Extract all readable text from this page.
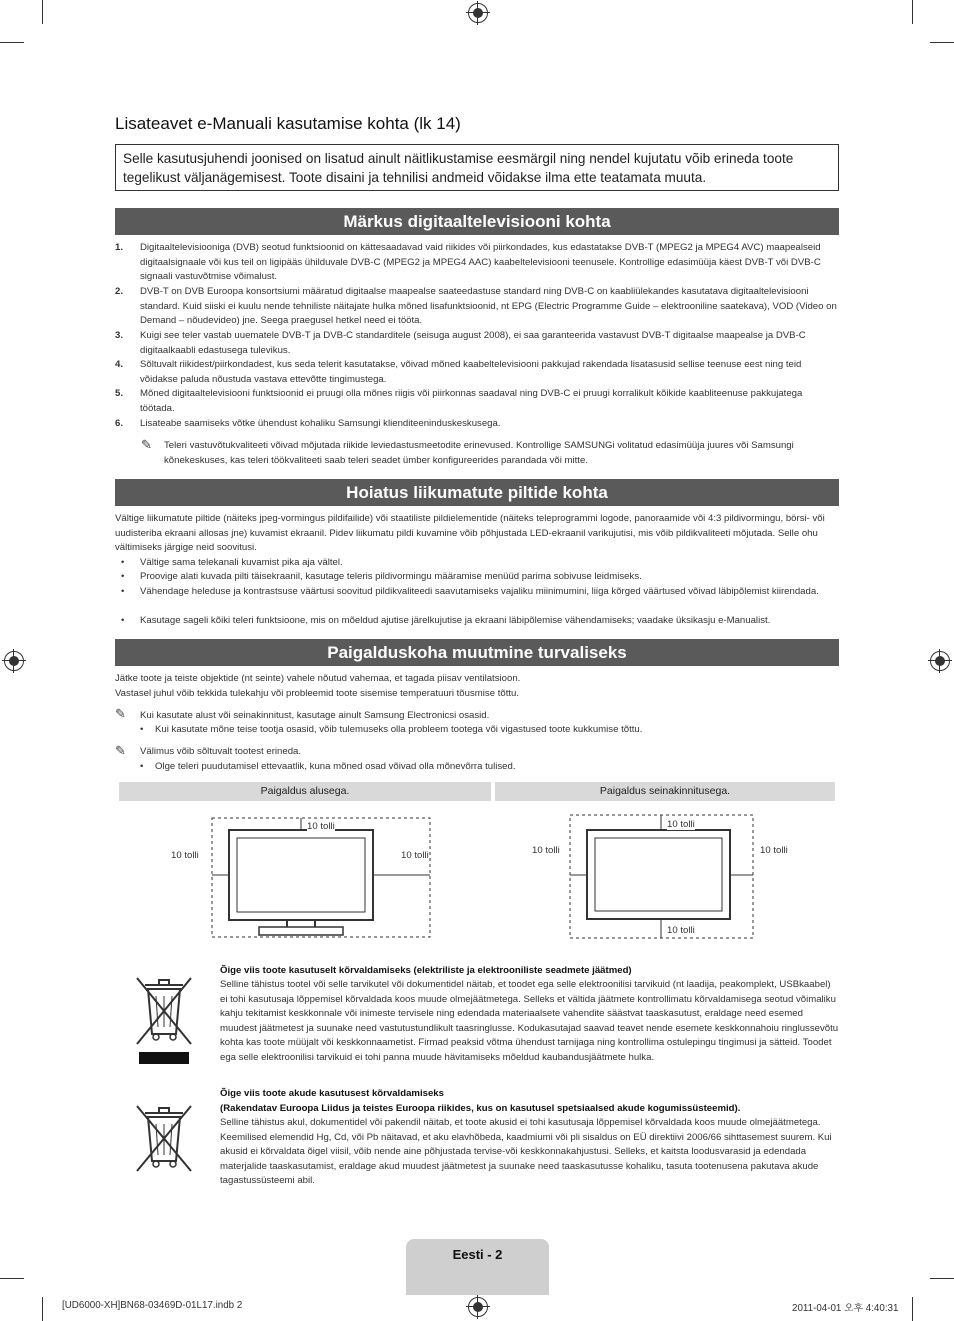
Lisateavet e-Manuali kasutamise kohta (lk 14)
Selle kasutusjuhendi joonised on lisatud ainult näitlikustamise eesmärgil ning nendel kujutatu võib erineda toote tegelikust väljanägemisest. Toote disaini ja tehnilisi andmeid võidakse ilma ette teatamata muuta.
Märkus digitaaltelevisiooni kohta
1.	Digitaaltelevisiooniga (DVB) seotud funktsioonid on kättesaadavad vaid riikides või piirkondades, kus edastatakse DVB-T (MPEG2 ja MPEG4 AVC) maapealseid digitaalsignaale või kus teil on ligipääs ühilduvale DVB-C (MPEG2 ja MPEG4 AAC) kaabeltelevisiooni teenusele. Kontrollige edasimüüja käest DVB-T või DVB-C signaali vastuvõtmise võimalust.
2.	DVB-T on DVB Euroopa konsortsiumi määratud digitaalse maapealse saateedastuse standard ning DVB-C on kaabliülekandes kasutatava digitaaltelevisiooni standard. Kuid siiski ei kuulu nende tehniliste näitajate hulka mõned lisafunktsioonid, nt EPG (Electric Programme Guide – elektrooniline saatekava), VOD (Video on Demand – nõudevideo) jne. Seega praegusel hetkel need ei tööta.
3.	Kuigi see teler vastab uuematele DVB-T ja DVB-C standarditele (seisuga august 2008), ei saa garanteerida vastavust DVB-T digitaalse maapealse ja DVB-C digitaalkaabli edastusega tulevikus.
4.	Sõltuvalt riikidest/piirkondadest, kus seda telerit kasutatakse, võivad mõned kaabeltelevisiooni pakkujad rakendada lisatasusid sellise teenuse eest ning teid võidakse paluda nõustuda vastava ettevõtte tingimustega.
5.	Mõned digitaaltelevisiooni funktsioonid ei pruugi olla mõnes riigis või piirkonnas saadaval ning DVB-C ei pruugi korralikult kõikide kaabliteenuse pakkujatega töötada.
6.	Lisateabe saamiseks võtke ühendust kohaliku Samsungi klienditeeninduskeskusega.
✎ Teleri vastuvõtukvaliteeti võivad mõjutada riikide leviedastusmeetodite erinevused. Kontrollige SAMSUNGi volitatud edasimüüja juures või Samsungi kõnekeskuses, kas teleri töökvaliteeti saab teleri seadet ümber konfigureerides parandada või mitte.
Hoiatus liikumatute piltide kohta
Vältige liikumatute piltide (näiteks jpeg-vormingus pildifailide) või staatiliste pildielementide (näiteks teleprogrammi logode, panoraamide või 4:3 pildivormingu, börsi- või uudisteriba ekraani allosas jne) kuvamist ekraanil. Pidev liikumatu pildi kuvamine võib põhjustada LED-ekraanil varikujutisi, mis võib pildikvaliteeti mõjutada. Selle ohu vältimiseks järgige neid soovitusi.
• Vältige sama telekanali kuvamist pika aja vältel.
• Proovige alati kuvada pilti täisekraanil, kasutage teleris pildivormingu määramise menüüd parima sobivuse leidmiseks.
• Vähendage heleduse ja kontrastsuse väärtusi soovitud pildikvaliteedi saavutamiseks vajaliku miinimumini, liiga kõrged väärtused võivad läbipõlemist kiirendada.
• Kasutage sageli kõiki teleri funktsioone, mis on mõeldud ajutise järelkujutise ja ekraani läbipõlemise vähendamiseks; vaadake üksikasju e-Manualist.
Paigalduskoha muutmine turvaliseks
Jätke toote ja teiste objektide (nt seinte) vahele nõutud vahemaa, et tagada piisav ventilatsioon.
Vastasel juhul võib tekkida tulekahju või probleemid toote sisemise temperatuuri tõusmise tõttu.
✎ Kui kasutate alust või seinakinnitust, kasutage ainult Samsung Electronicsi osasid.
• Kui kasutate mõne teise tootja osasid, võib tulemuseks olla probleem tootega või vigastused toote kukkumise tõttu.
✎ Välimus võib sõltuvalt tootest erineda.
• Olge teleri puudutamisel ettevaatlik, kuna mõned osad võivad olla mõnevõrra tulised.
Paigaldus alusega.	Paigaldus seinakinnitusega.
10 tolli
10 tolli	10 tolli
10 tolli
10 tolli	10 tolli
10 tolli
Õige viis toote kasutuselt kõrvaldamiseks (elektriliste ja elektrooniliste seadmete jäätmed)
Selline tähistus tootel või selle tarvikutel või dokumentidel näitab, et toodet ega selle elektroonilisi tarvikuid (nt laadija, peakomplekt, USBkaabel) ei tohi kasutusaja lõppemisel kõrvaldada koos muude olmejäätmetega. Selleks et vältida jäätmete kontrollimatu kõrvaldamisega seotud võimaliku kahju tekitamist keskkonnale või inimeste tervisele ning edendada materiaalsete vahendite säästvat taaskasutust, eraldage need esemed muudest jäätmetest ja suunake need vastutustundlikult taasringlusse. Kodukasutajad saavad teavet nende esemete keskkonnahoiu ringlussevõtu kohta kas toote müüjalt või keskkonnaametist. Firmad peaksid võtma ühendust tarnijaga ning kontrollima ostulepingu tingimusi ja sätteid. Toodet ega selle elektroonilisi tarvikuid ei tohi panna muude hävitamiseks mõeldud kaubandusjäätmete hulka.
Õige viis toote akude kasutusest kõrvaldamiseks
(Rakendatav Euroopa Liidus ja teistes Euroopa riikides, kus on kasutusel spetsiaalsed akude kogumissüsteemid).
Selline tähistus akul, dokumentidel või pakendil näitab, et toote akusid ei tohi kasutusaja lõppemisel kõrvaldada koos muude olmejäätmetega. Keemilised elemendid Hg, Cd, või Pb näitavad, et aku elavhõbeda, kaadmiumi või pli sisaldus on EÜ direktiivi 2006/66 sihttasemest suurem. Kui akusid ei kõrvaldata õigel viisil, võib nende aine põhjustada tervise-või keskkonnakahjustusi. Selleks, et kaitsta loodusvarasid ja edendada materjalide taaskasutamist, eraldage akud muudest jäätmetest ja suunake need taaskasutusse kohaliku, tasuta tootenusena pakutava akude tagastussüsteemi abil.
Eesti - 2
[UD6000-XH]BN68-03469D-01L17.indb 2	2011-04-01 오후 4:40:31
